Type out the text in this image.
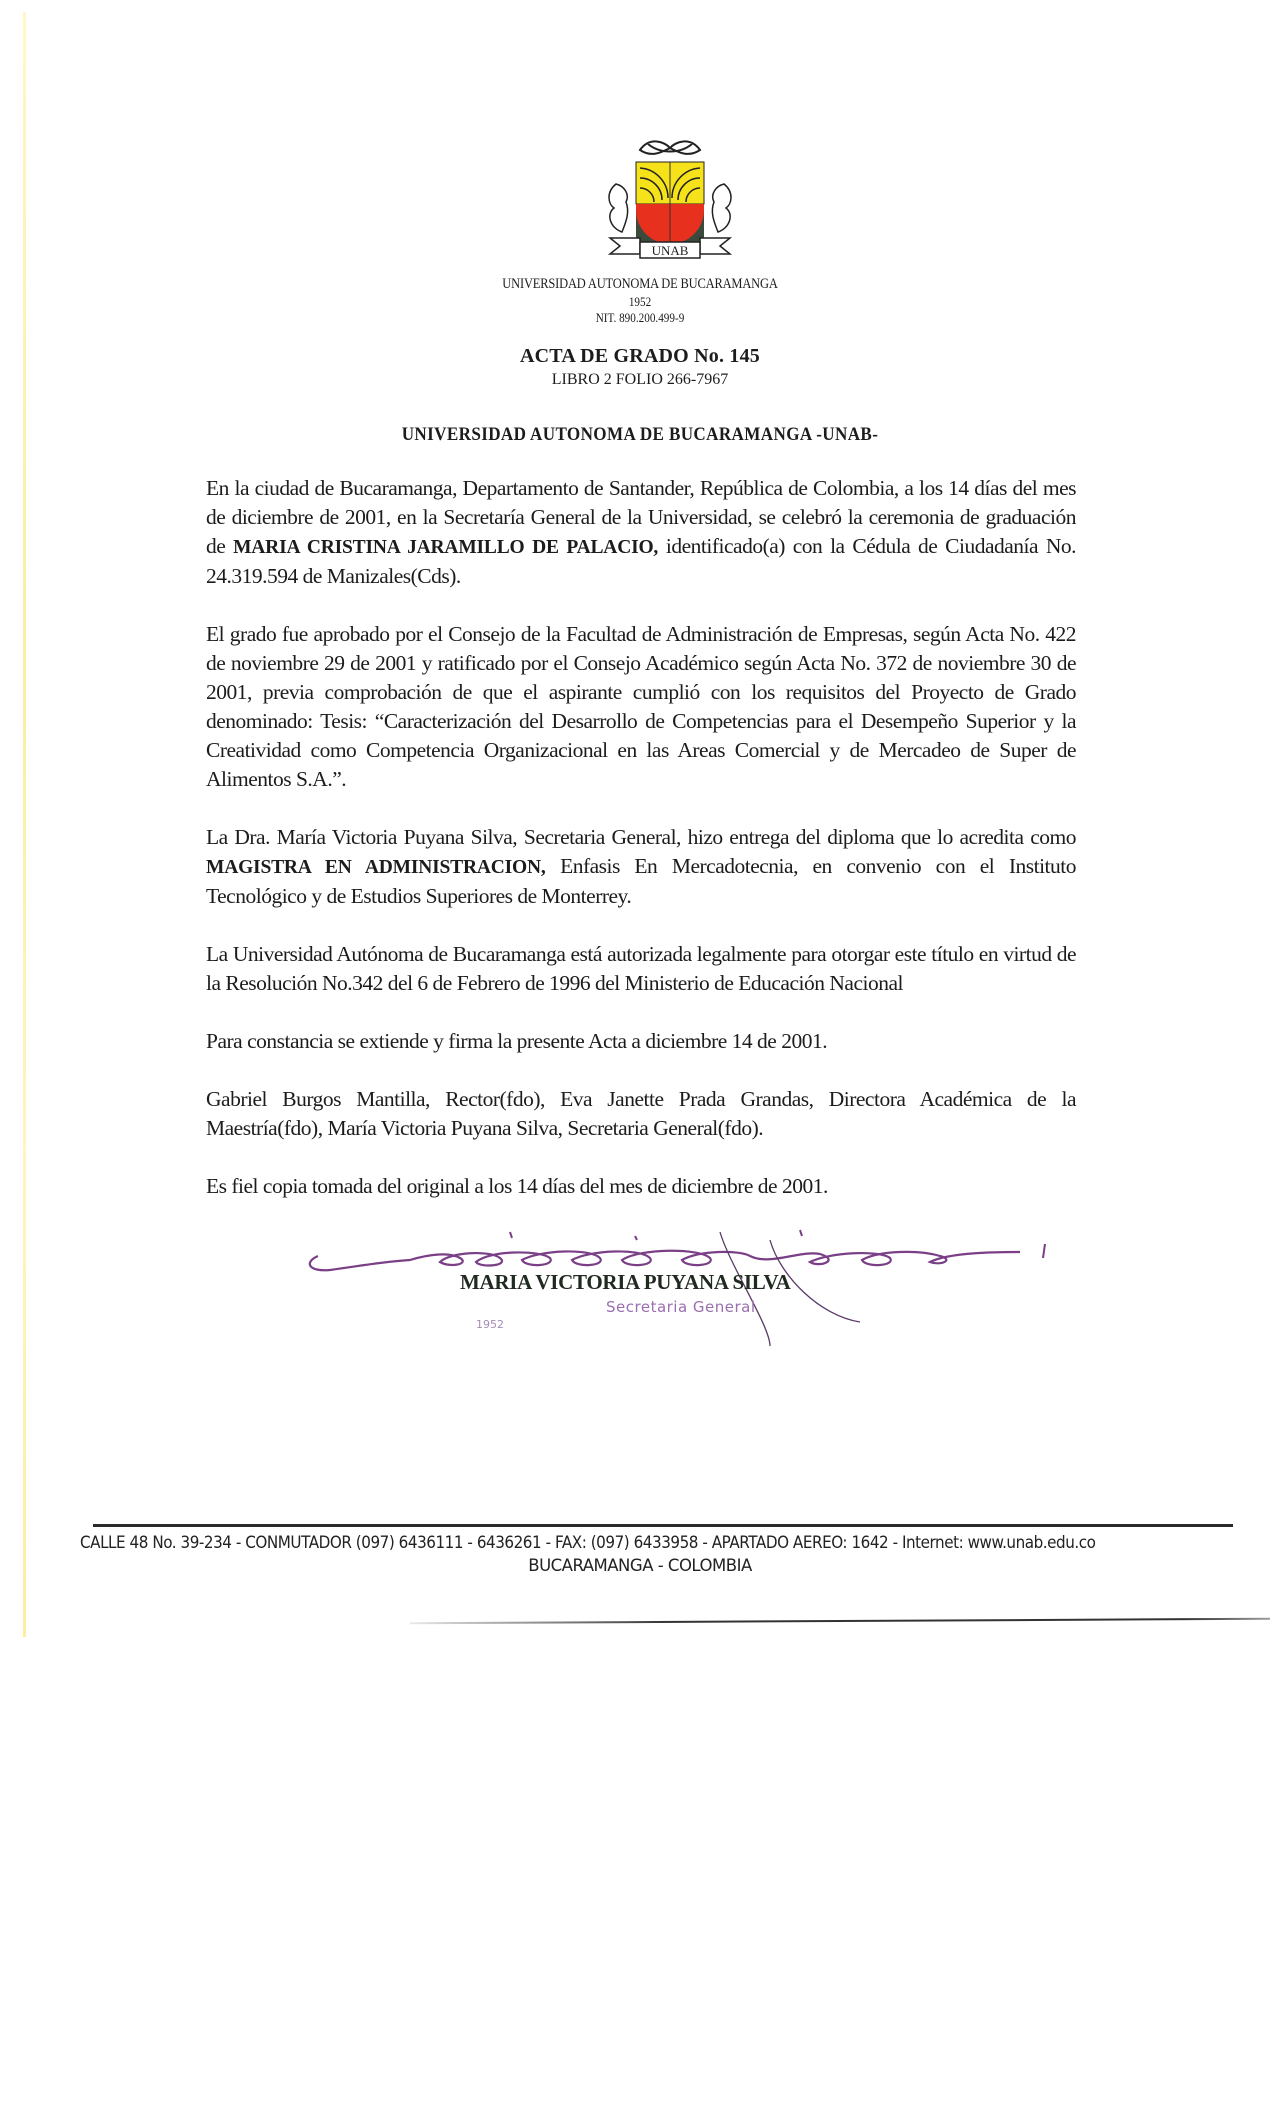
UNAB
UNIVERSIDAD AUTONOMA DE BUCARAMANGA
1952
NIT. 890.200.499-9
ACTA DE GRADO No. 145
LIBRO 2 FOLIO 266-7967
UNIVERSIDAD AUTONOMA DE BUCARAMANGA -UNAB-

En la ciudad de Bucaramanga, Departamento de Santander, República de Colombia, a los 14 días del mes de diciembre de 2001, en la Secretaría General de la Universidad, se celebró la ceremonia de graduación de MARIA CRISTINA JARAMILLO DE PALACIO, identificado(a) con la Cédula de Ciudadanía No. 24.319.594 de Manizales(Cds).

El grado fue aprobado por el Consejo de la Facultad de Administración de Empresas, según Acta No. 422 de noviembre 29 de 2001 y ratificado por el Consejo Académico según Acta No. 372 de noviembre 30 de 2001, previa comprobación de que el aspirante cumplió con los requisitos del Proyecto de Grado denominado: Tesis: “Caracterización del Desarrollo de Competencias para el Desempeño Superior y la Creatividad como Competencia Organizacional en las Areas Comercial y de Mercadeo de Super de Alimentos S.A.”.

La Dra. María Victoria Puyana Silva, Secretaria General, hizo entrega del diploma que lo acredita como MAGISTRA EN ADMINISTRACION, Enfasis En Mercadotecnia, en convenio con el Instituto Tecnológico y de Estudios Superiores de Monterrey.

La Universidad Autónoma de Bucaramanga está autorizada legalmente para otorgar este título en virtud de la Resolución No.342 del 6 de Febrero de 1996 del Ministerio de Educación Nacional

Para constancia se extiende y firma la presente Acta a diciembre 14 de 2001.

Gabriel Burgos Mantilla, Rector(fdo), Eva Janette Prada Grandas, Directora Académica de la Maestría(fdo), María Victoria Puyana Silva, Secretaria General(fdo).

Es fiel copia tomada del original a los 14 días del mes de diciembre de 2001.

MARIA VICTORIA PUYANA SILVA
Secretaria General
1952
CALLE 48 No. 39-234 - CONMUTADOR (097) 6436111 - 6436261 - FAX: (097) 6433958 - APARTADO AEREO: 1642 - Internet: www.unab.edu.co
BUCARAMANGA - COLOMBIA
